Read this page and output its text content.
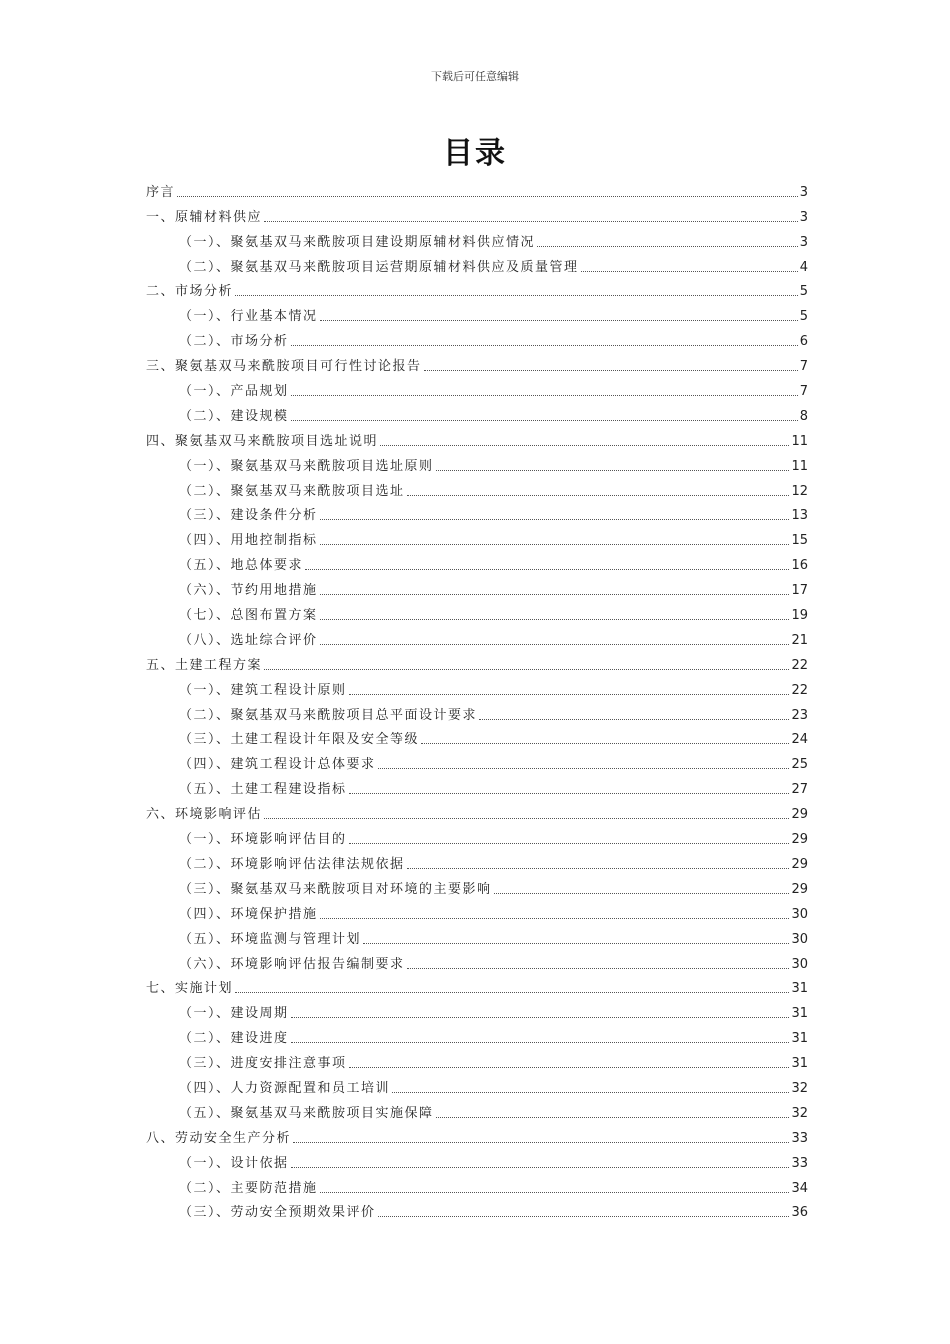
下载后可任意编辑
目录
序言	3
一、原辅材料供应	3
（一）、聚氨基双马来酰胺项目建设期原辅材料供应情况	3
（二）、聚氨基双马来酰胺项目运营期原辅材料供应及质量管理	4
二、市场分析	5
（一）、行业基本情况	5
（二）、市场分析	6
三、聚氨基双马来酰胺项目可行性讨论报告	7
（一）、产品规划	7
（二）、建设规模	8
四、聚氨基双马来酰胺项目选址说明	11
（一）、聚氨基双马来酰胺项目选址原则	11
（二）、聚氨基双马来酰胺项目选址	12
（三）、建设条件分析	13
（四）、用地控制指标	15
（五）、地总体要求	16
（六）、节约用地措施	17
（七）、总图布置方案	19
（八）、选址综合评价	21
五、土建工程方案	22
（一）、建筑工程设计原则	22
（二）、聚氨基双马来酰胺项目总平面设计要求	23
（三）、土建工程设计年限及安全等级	24
（四）、建筑工程设计总体要求	25
（五）、土建工程建设指标	27
六、环境影响评估	29
（一）、环境影响评估目的	29
（二）、环境影响评估法律法规依据	29
（三）、聚氨基双马来酰胺项目对环境的主要影响	29
（四）、环境保护措施	30
（五）、环境监测与管理计划	30
（六）、环境影响评估报告编制要求	30
七、实施计划	31
（一）、建设周期	31
（二）、建设进度	31
（三）、进度安排注意事项	31
（四）、人力资源配置和员工培训	32
（五）、聚氨基双马来酰胺项目实施保障	32
八、劳动安全生产分析	33
（一）、设计依据	33
（二）、主要防范措施	34
（三）、劳动安全预期效果评价	36
